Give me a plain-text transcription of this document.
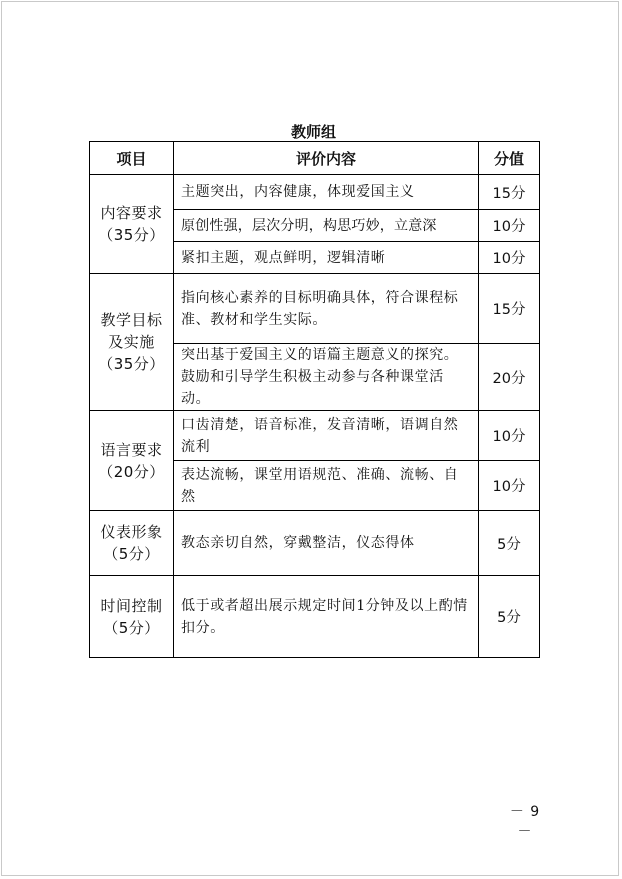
教师组
项目	评价内容	分值

内容要求
（35分）	主题突出，内容健康，体现爱国主义	15分
	原创性强，层次分明，构思巧妙，立意深	10分
	紧扣主题，观点鲜明，逻辑清晰	10分

教学目标
及实施
（35分）	指向核心素养的目标明确具体，符合课程标准、教材和学生实际。	15分
	突出基于爱国主义的语篇主题意义的探究。鼓励和引导学生积极主动参与各种课堂活动。	20分

语言要求
（20分）	口齿清楚，语音标准，发音清晰，语调自然流利	10分
	表达流畅，课堂用语规范、准确、流畅、自然	10分

仪表形象
（5分）	教态亲切自然，穿戴整洁，仪态得体	5分

时间控制
（5分）	低于或者超出展示规定时间1分钟及以上酌情扣分。	5分
－ 9 －
